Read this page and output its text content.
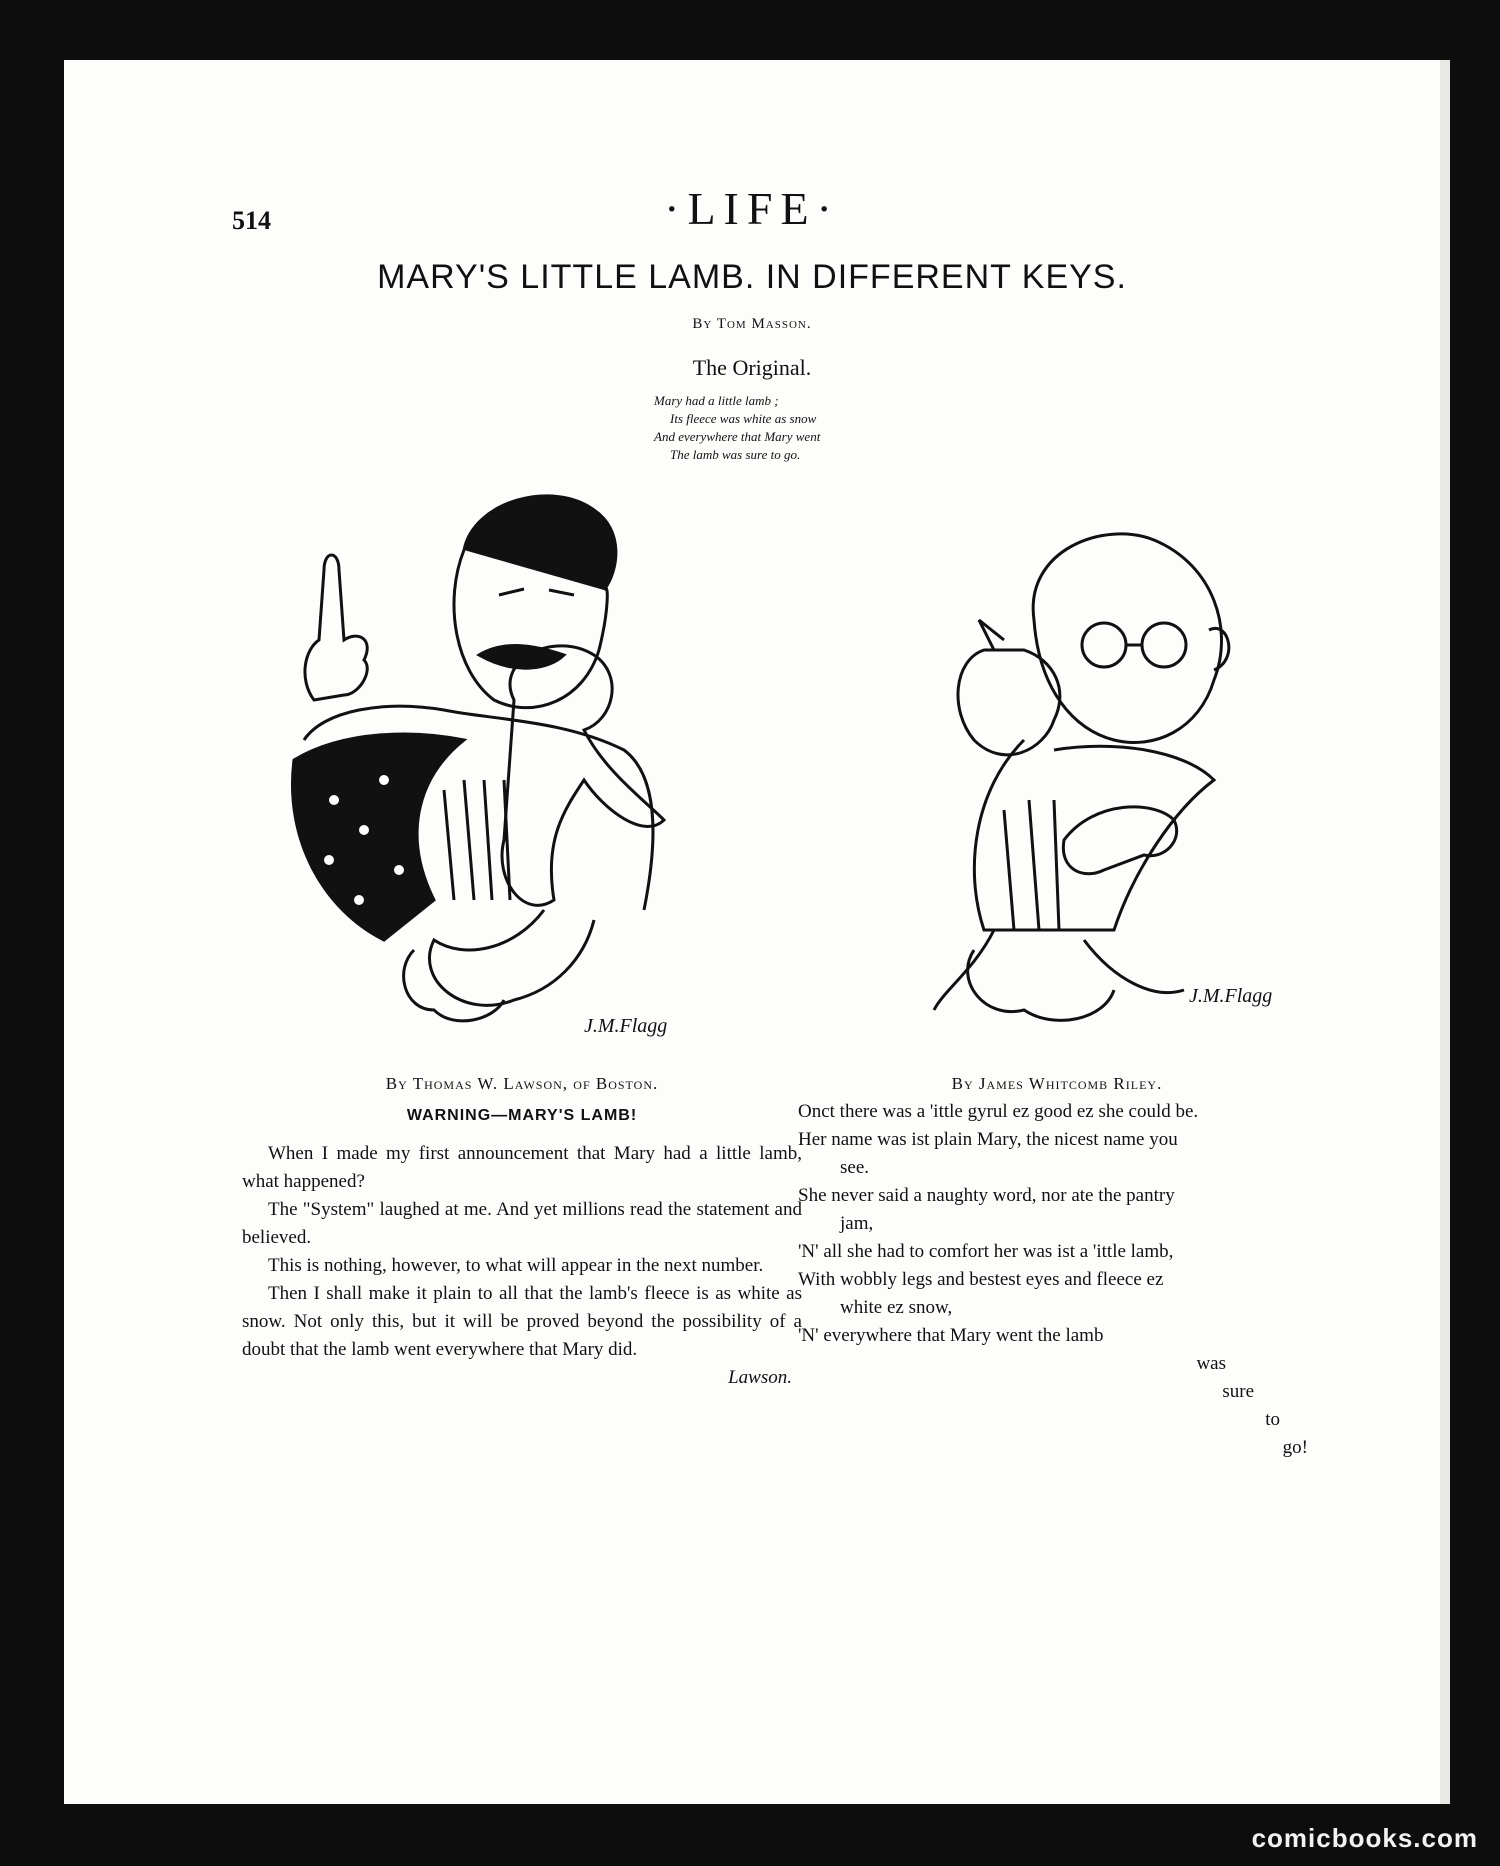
514	·LIFE·
MARY'S LITTLE LAMB. IN DIFFERENT KEYS.
By Tom Masson.
The Original.
Mary had a little lamb ;
Its fleece was white as snow
And everywhere that Mary went
The lamb was sure to go.
J.M.Flagg
J.M.Flagg
By Thomas W. Lawson, of Boston.
WARNING—MARY'S LAMB!
When I made my first announcement that Mary had a little lamb, what happened?
The "System" laughed at me. And yet millions read the statement and believed.
This is nothing, however, to what will appear in the next number.
Then I shall make it plain to all that the lamb's fleece is as white as snow. Not only this, but it will be proved beyond the possibility of a doubt that the lamb went everywhere that Mary did.
Lawson.
By James Whitcomb Riley.
Onct there was a 'ittle gyrul ez good ez she could be.
Her name was ist plain Mary, the nicest name you
see.
She never said a naughty word, nor ate the pantry
jam,
'N' all she had to comfort her was ist a 'ittle lamb,
With wobbly legs and bestest eyes and fleece ez
white ez snow,
'N' everywhere that Mary went the lamb
was
sure
to
go!
comicbooks.com
